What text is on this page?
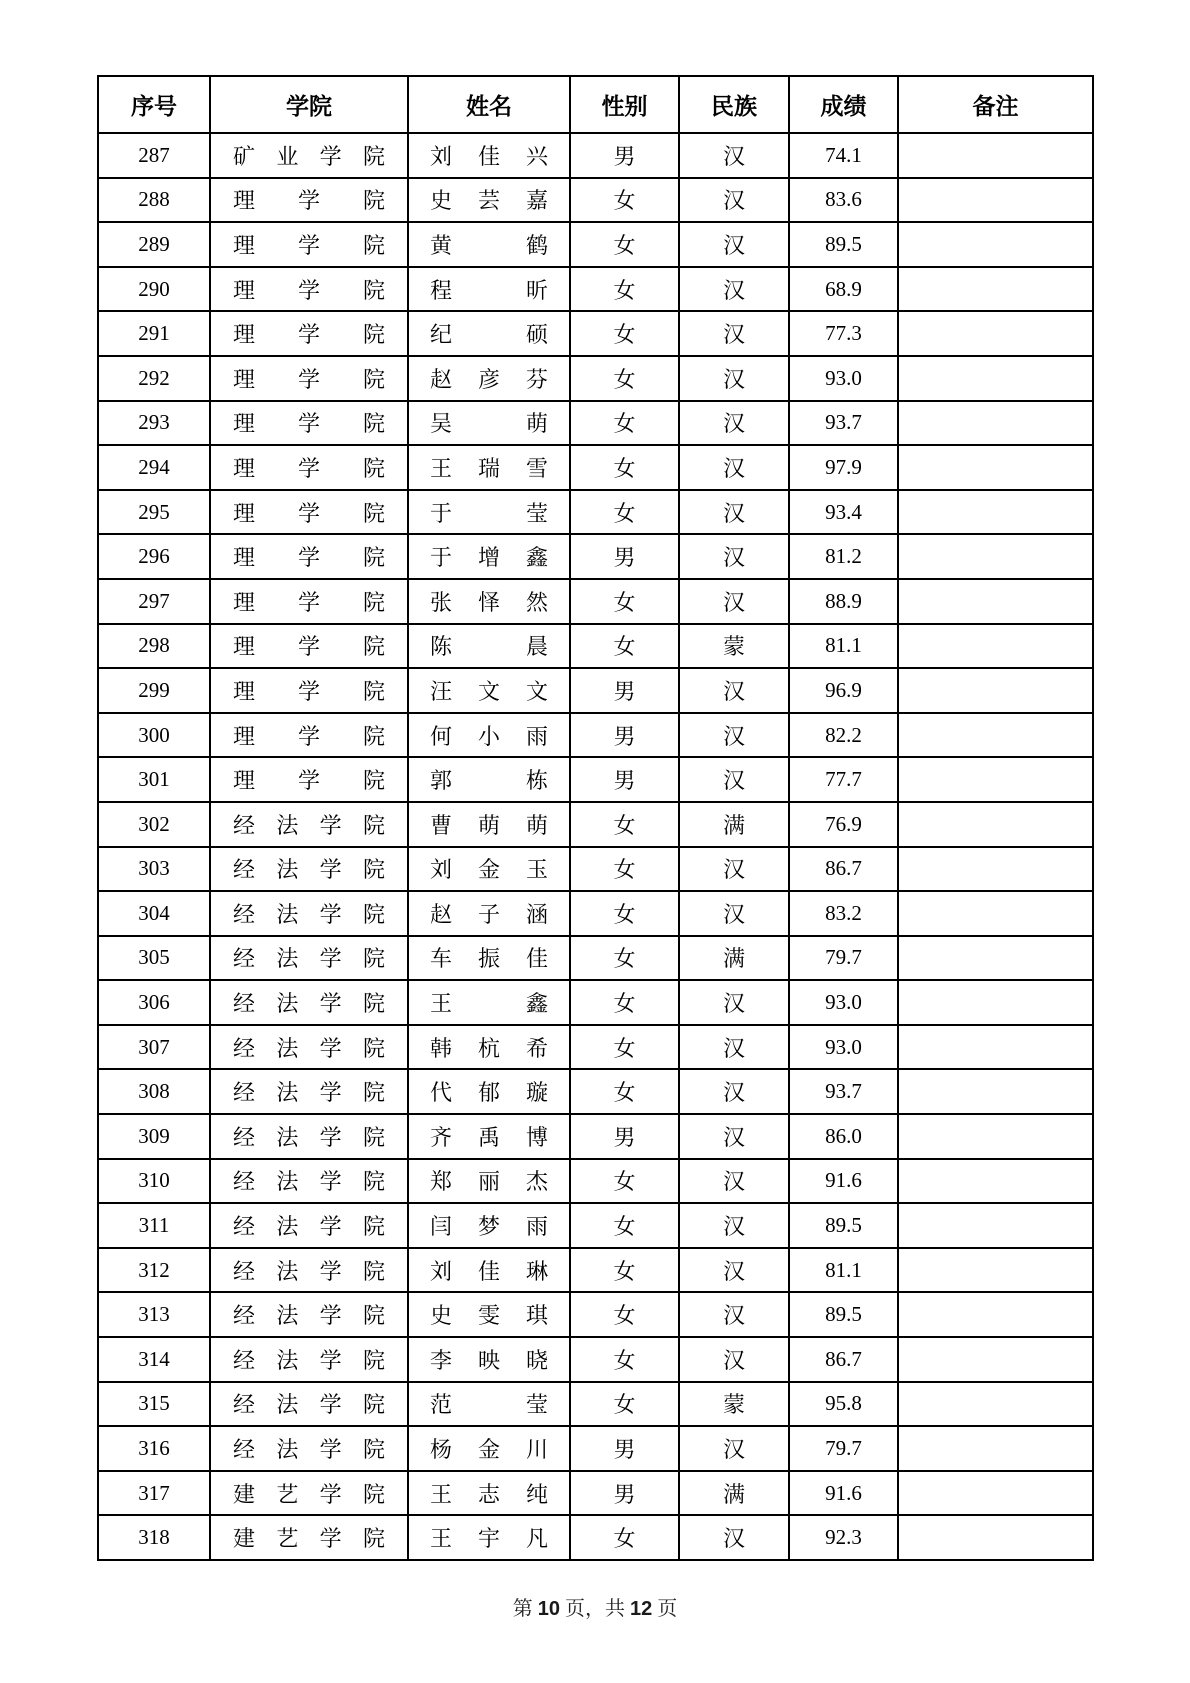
序号	学院	姓名	性别	民族	成绩	备注
287	矿业学院	刘佳兴	男	汉	74.1	
288	理学院	史芸嘉	女	汉	83.6	
289	理学院	黄鹤	女	汉	89.5	
290	理学院	程昕	女	汉	68.9	
291	理学院	纪硕	女	汉	77.3	
292	理学院	赵彦芬	女	汉	93.0	
293	理学院	吴萌	女	汉	93.7	
294	理学院	王瑞雪	女	汉	97.9	
295	理学院	于莹	女	汉	93.4	
296	理学院	于增鑫	男	汉	81.2	
297	理学院	张怿然	女	汉	88.9	
298	理学院	陈晨	女	蒙	81.1	
299	理学院	汪文文	男	汉	96.9	
300	理学院	何小雨	男	汉	82.2	
301	理学院	郭栋	男	汉	77.7	
302	经法学院	曹萌萌	女	满	76.9	
303	经法学院	刘金玉	女	汉	86.7	
304	经法学院	赵子涵	女	汉	83.2	
305	经法学院	车振佳	女	满	79.7	
306	经法学院	王鑫	女	汉	93.0	
307	经法学院	韩杭希	女	汉	93.0	
308	经法学院	代郁璇	女	汉	93.7	
309	经法学院	齐禹博	男	汉	86.0	
310	经法学院	郑丽杰	女	汉	91.6	
311	经法学院	闫梦雨	女	汉	89.5	
312	经法学院	刘佳琳	女	汉	81.1	
313	经法学院	史雯琪	女	汉	89.5	
314	经法学院	李映晓	女	汉	86.7	
315	经法学院	范莹	女	蒙	95.8	
316	经法学院	杨金川	男	汉	79.7	
317	建艺学院	王志纯	男	满	91.6	
318	建艺学院	王宇凡	女	汉	92.3	
第 10 页，共 12 页
